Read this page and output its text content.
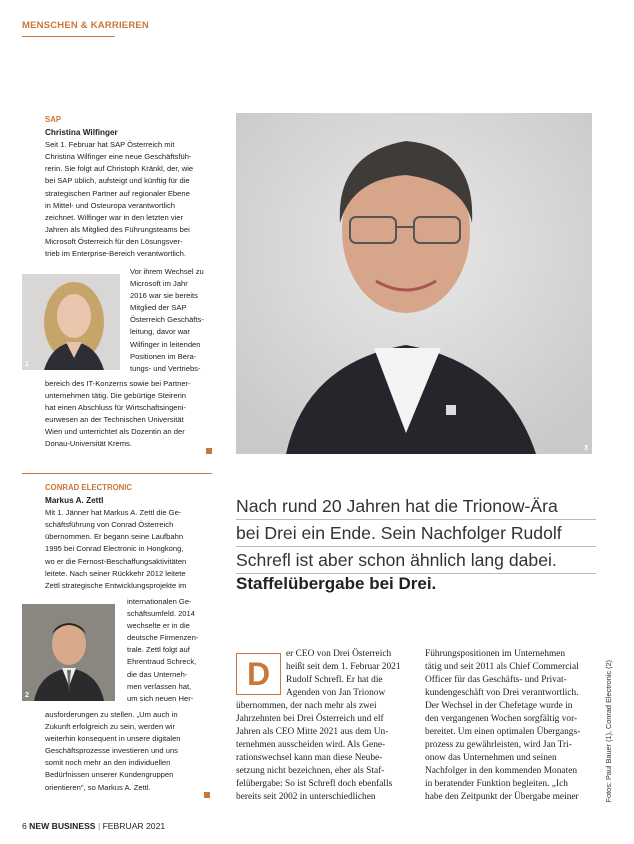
MENSCHEN & KARRIEREN
SAP
Christina Wilfinger
Seit 1. Februar hat SAP Österreich mit
Christina Wilfinger eine neue Geschäftsfüh-
rerin. Sie folgt auf Christoph Kränkl, der, wie
bei SAP üblich, aufsteigt und künftig für die
strategischen Partner auf regionaler Ebene
in Mittel- und Osteuropa verantwortlich
zeichnet. Wilfinger war in den letzten vier
Jahren als Mitglied des Führungsteams bei
Microsoft Österreich für den Lösungsver-
trieb im Enterprise-Bereich verantwortlich.
Vor ihrem Wechsel zu
Microsoft im Jahr
2016 war sie bereits
Mitglied der SAP
Österreich Geschäfts-
leitung, davor war
Wilfinger in leitenden
Positionen im Bera-
tungs- und Vertriebs-
bereich des IT-Konzerns sowie bei Partner-
unternehmen tätig. Die gebürtige Steirerin
hat einen Abschluss für Wirtschaftsingeni-
eurwesen an der Technischen Universität
Wien und unterrichtet als Dozentin an der
Donau-Universität Krems.
1
CONRAD ELECTRONIC
Markus A. Zettl
Mit 1. Jänner hat Markus A. Zettl die Ge-
schäftsführung von Conrad Österreich
übernommen. Er begann seine Laufbahn
1995 bei Conrad Electronic in Hongkong,
wo er die Fernost-Beschaffungsaktivitäten
leitete. Nach seiner Rückkehr 2012 leitete
Zettl strategische Entwicklungsprojekte im
internationalen Ge-
schäftsumfeld. 2014
wechselte er in die
deutsche Firmenzen-
trale. Zettl folgt auf
Ehrentraud Schreck,
die das Unterneh-
men verlassen hat,
um sich neuen Her-
ausforderungen zu stellen. „Um auch in
Zukunft erfolgreich zu sein, werden wir
weiterhin konsequent in unsere digitalen
Geschäftsprozesse investieren und uns
somit noch mehr an den individuellen
Bedürfnissen unserer Kundengruppen
orientieren", so Markus A. Zettl.
2
3
Nach rund 20 Jahren hat die Trionow-Ära
bei Drei ein Ende. Sein Nachfolger Rudolf
Schrefl ist aber schon ähnlich lang dabei.
Staffelübergabe bei Drei.
D
er CEO von Drei Österreich
heißt seit dem 1. Februar 2021
Rudolf Schrefl. Er hat die
Agenden von Jan Trionow
übernommen, der nach mehr als zwei
Jahrzehnten bei Drei Österreich und elf
Jahren als CEO Mitte 2021 aus dem Un-
ternehmen ausscheiden wird. Als Gene-
rationswechsel kann man diese Neube-
setzung nicht bezeichnen, eher als Staf-
felübergabe: So ist Schrefl doch ebenfalls
bereits seit 2002 in unterschiedlichen
Führungspositionen im Unternehmen
tätig und seit 2011 als Chief Commercial
Officer für das Geschäfts- und Privat-
kundengeschäft von Drei verantwortlich.
Der Wechsel in der Chefetage wurde in
den vergangenen Wochen sorgfältig vor-
bereitet. Um einen optimalen Übergangs-
prozess zu gewährleisten, wird Jan Tri-
onow das Unternehmen und seinen
Nachfolger in den kommenden Monaten
in beratender Funktion begleiten. „Ich
habe den Zeitpunkt der Übergabe meiner	Fotos: Paul Bauer (1), Conrad Electronic (2)
6 NEW BUSINESS | FEBRUAR 2021
